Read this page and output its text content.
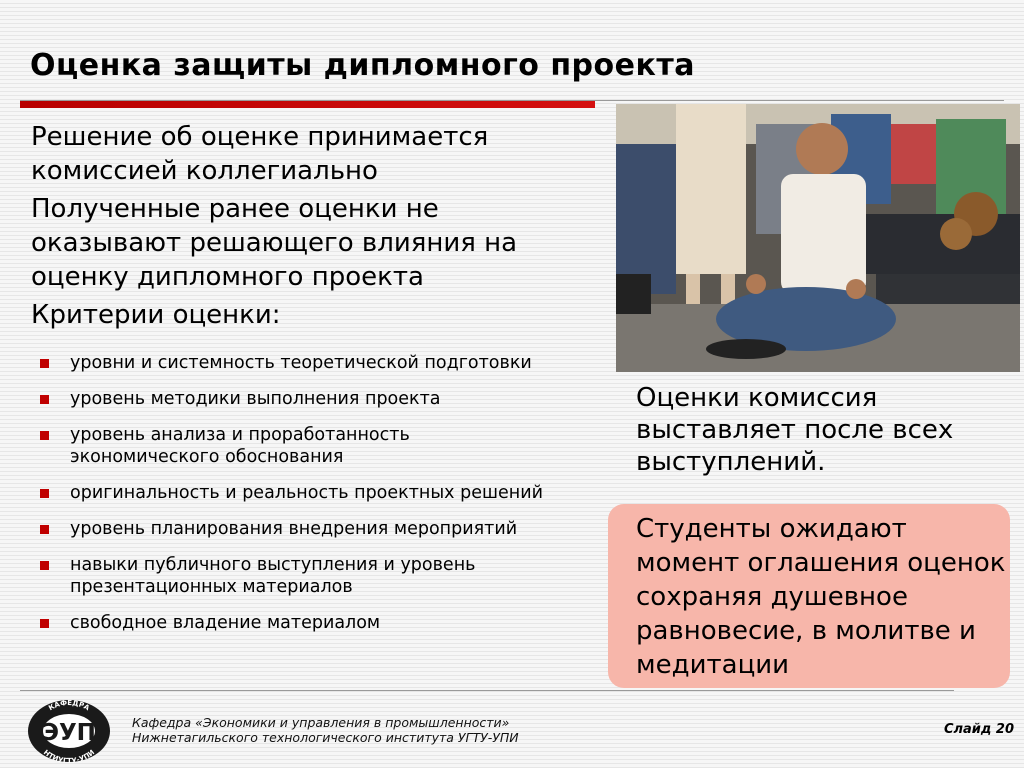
Оценка защиты дипломного проекта

Решение об оценке принимается комиссией коллегиально

Полученные ранее оценки не оказывают решающего влияния на оценку дипломного проекта

Критерии оценки:

уровни и системность теоретической подготовки
уровень методики выполнения проекта
уровень анализа и проработанность
экономического обоснования
оригинальность и реальность проектных решений
уровень планирования внедрения мероприятий
навыки публичного выступления и уровень
презентационных материалов
свободное владение материалом
Оценки комиссия выставляет после всех выступлений.
Студенты ожидают момент оглашения оценок сохраняя душевное равновесие, в молитве и медитации
ЭУП
КАФЕДРА
НТИУГТУ-УПИ
Кафедра «Экономики и управления в промышленности»
Нижнетагильского технологического института УГТУ-УПИ
Слайд 20
